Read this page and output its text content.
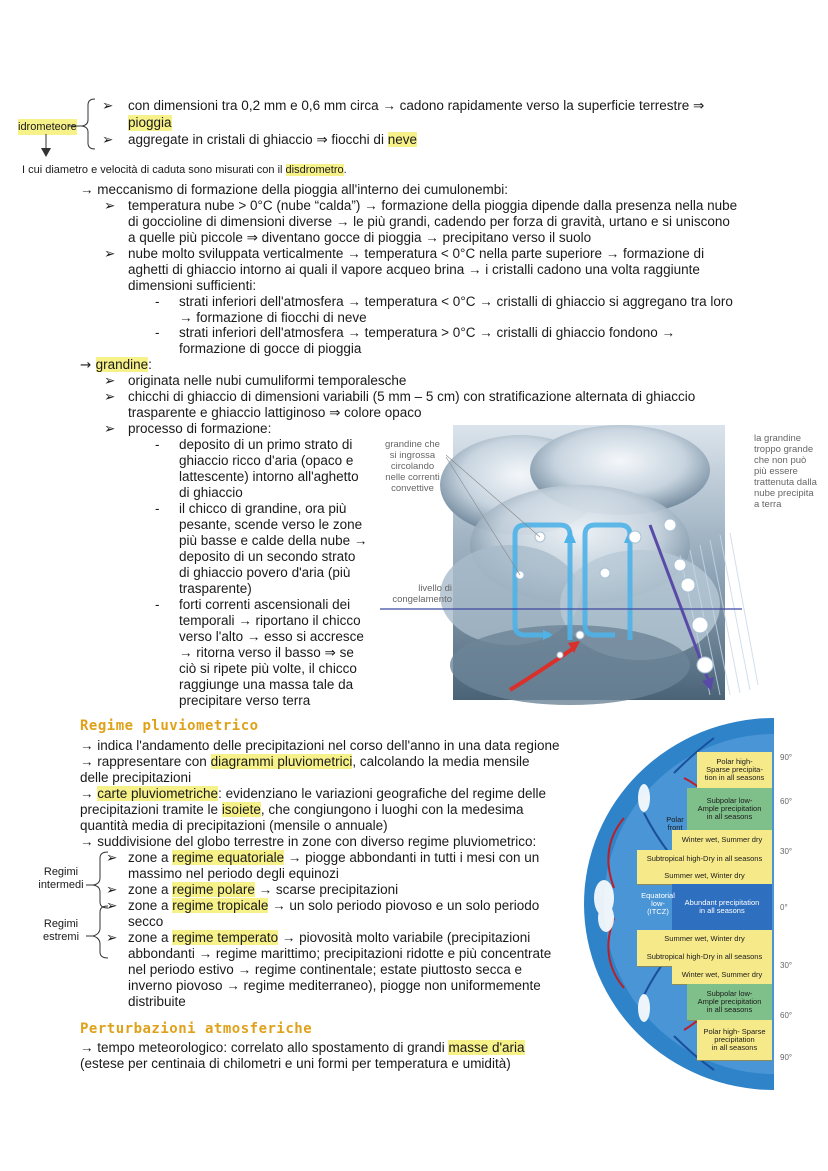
idrometeore
➢ con dimensioni tra 0,2 mm e 0,6 mm circa → cadono rapidamente verso la superficie terrestre ⇒
pioggia
➢ aggregate in cristali di ghiaccio ⇒ fiocchi di neve
I cui diametro e velocità di caduta sono misurati con il disdrometro.
→ meccanismo di formazione della pioggia all'interno dei cumulonembi:
➢ temperatura nube > 0°C (nube “calda”) → formazione della pioggia dipende dalla presenza nella nube
di goccioline di dimensioni diverse → le più grandi, cadendo per forza di gravità, urtano e si uniscono
a quelle più piccole ⇒ diventano gocce di pioggia → precipitano verso il suolo
➢ nube molto sviluppata verticalmente → temperatura < 0°C nella parte superiore → formazione di
aghetti di ghiaccio intorno ai quali il vapore acqueo brina → i cristalli cadono una volta raggiunte
dimensioni sufficienti:
- strati inferiori dell'atmosfera → temperatura < 0°C → cristalli di ghiaccio si aggregano tra loro
→ formazione di fiocchi di neve
- strati inferiori dell'atmosfera → temperatura > 0°C → cristalli di ghiaccio fondono →
formazione di gocce di pioggia
→ grandine:
➢ originata nelle nubi cumuliformi temporalesche
➢ chicchi di ghiaccio di dimensioni variabili (5 mm – 5 cm) con stratificazione alternata di ghiaccio
trasparente e ghiaccio lattiginoso ⇒ colore opaco
➢ processo di formazione:
- deposito di un primo strato di
ghiaccio ricco d'aria (opaco e
lattescente) intorno all'aghetto
di ghiaccio
- il chicco di grandine, ora più
pesante, scende verso le zone
più basse e calde della nube →
deposito di un secondo strato
di ghiaccio povero d'aria (più
trasparente)
- forti correnti ascensionali dei
temporali → riportano il chicco
verso l'alto → esso si accresce
→ ritorna verso il basso ⇒ se
ciò si ripete più volte, il chicco
raggiunge una massa tale da
precipitare verso terra
grandine che
si ingrossa
circolando
nelle correnti
convettive
livello di
congelamento
la grandine
troppo grande
che non può
più essere
trattenuta dalla
nube precipita
a terra
Regime pluviometrico
→ indica l'andamento delle precipitazioni nel corso dell'anno in una data regione
→ rappresentare con diagrammi pluviometrici, calcolando la media mensile
delle precipitazioni
→ carte pluviometriche: evidenziano le variazioni geografiche del regime delle
precipitazioni tramite le isoiete, che congiungono i luoghi con la medesima
quantità media di precipitazioni (mensile o annuale)
→ suddivisione del globo terrestre in zone con diverso regime pluviometrico:
Regimi
intermedi
Regimi
estremi
➢ zone a regime equatoriale → piogge abbondanti in tutti i mesi con un
massimo nel periodo degli equinozi
➢ zone a regime polare → scarse precipitazioni
➢ zone a regime tropicale → un solo periodo piovoso e un solo periodo
secco
➢ zone a regime temperato → piovosità molto variabile (precipitazioni
abbondanti → regime marittimo; precipitazioni ridotte e più concentrate
nel periodo estivo → regime continentale; estate piuttosto secca e
inverno piovoso → regime mediterraneo), piogge non uniformemente
distribuite
Polar high-
Sparse precipita-
tion in all seasons
Subpolar low-
Ample precipitation
in all seasons
Winter wet, Summer dry
Subtropical high-Dry in all seasons
Summer wet, Winter dry
Abundant precipitation
in all seasons
Summer wet, Winter dry
Subtropical high-Dry in all seasons
Winter wet, Summer dry
Subpolar low-
Ample precipitation
in all seasons
Polar high- Sparse
precipitation
in all seasons
Polar
front
Equatorial
low-
(ITCZ)
90°
60°
30°
0°
30°
60°
90°
Perturbazioni atmosferiche
→ tempo meteorologico: correlato allo spostamento di grandi masse d'aria
(estese per centinaia di chilometri e uni formi per temperatura e umidità)
